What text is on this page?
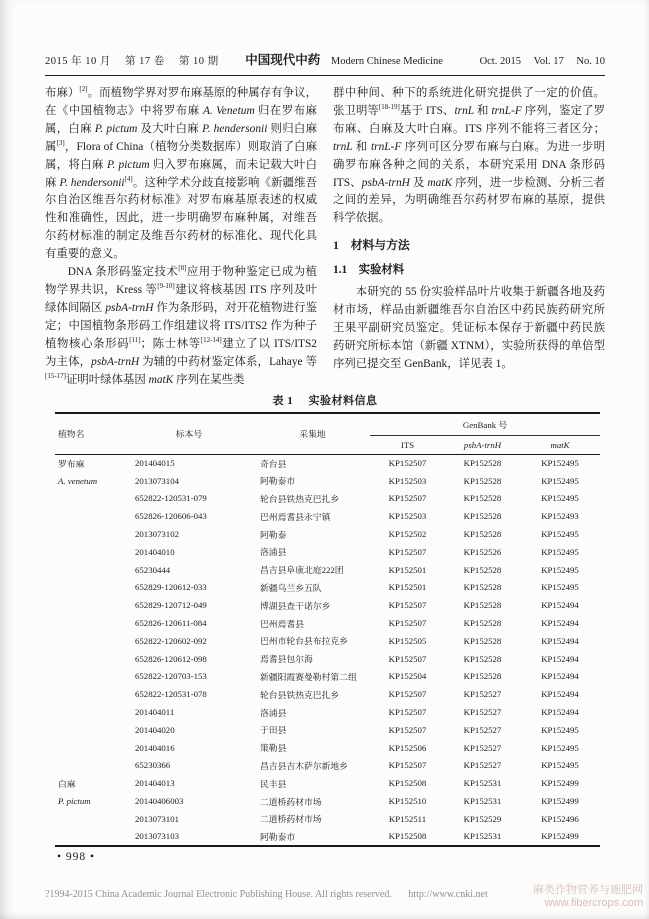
2015 年 10 月  第 17 卷  第 10 期 中国现代中药 Modern Chinese Medicine	Oct. 2015 Vol. 17 No. 10

布麻）[2]。而植物学界对罗布麻基原的种属存有争议，在《中国植物志》中将罗布麻 A. Venetum 归在罗布麻属，白麻 P. pictum 及大叶白麻 P. hendersonii 则归白麻属[3]，Flora of China（植物分类数据库）则取消了白麻属，将白麻 P. pictum 归入罗布麻属，而未记载大叶白麻 P. hendersonii[4]。这种学术分歧直接影响《新疆维吾尔自治区维吾尔药材标准》对罗布麻基原表述的权威性和准确性，因此，进一步明确罗布麻种属，对维吾尔药材标准的制定及维吾尔药材的标准化、现代化具有重要的意义。

DNA 条形码鉴定技术[8]应用于物种鉴定已成为植物学界共识，Kress 等[9-10]建议将核基因 ITS 序列及叶绿体间隔区 psbA-trnH 作为条形码，对开花植物进行鉴定；中国植物条形码工作组建议将 ITS/ITS2 作为种子植物核心条形码[11]；陈士林等[12-14]建立了以 ITS/ITS2 为主体，psbA-trnH 为辅的中药材鉴定体系，Lahaye 等[15-17]证明叶绿体基因 matK 序列在某些类

群中种间、种下的系统进化研究提供了一定的价值。张卫明等[18-19]基于 ITS、trnL 和 trnL-F 序列，鉴定了罗布麻、白麻及大叶白麻。ITS 序列不能将三者区分；trnL 和 trnL-F 序列可区分罗布麻与白麻。为进一步明确罗布麻各种之间的关系，本研究采用 DNA 条形码 ITS、psbA-trnH 及 matK 序列，进一步检测、分析三者之间的差异，为明确维吾尔药材罗布麻的基原，提供科学依据。

1　材料与方法
1.1　实验材料

本研究的 55 份实验样品叶片收集于新疆各地及药材市场，样品由新疆维吾尔自治区中药民族药研究所王果平副研究员鉴定。凭证标本保存于新疆中药民族药研究所标本馆（新疆 XTNM），实验所获得的单倍型序列已提交至 GenBank，详见表 1。

表 1 实验材料信息
植物名	标本号	采集地	GenBank 号		
			ITS	psbA-trnH	matK
罗布麻	201404015	奇台县	KP152507	KP152528	KP152495
A. venetum	2013073104	阿勒泰市	KP152503	KP152528	KP152495
	652822-120531-079	轮台县铁热克巴扎乡	KP152507	KP152528	KP152495
	652826-120606-043	巴州焉耆县永宁镇	KP152503	KP152528	KP152493
	2013073102	阿勒泰	KP152502	KP152528	KP152495
	201404010	洛浦县	KP152507	KP152526	KP152495
	65230444	昌吉县阜康北庭222团	KP152501	KP152528	KP152495
	652829-120612-033	新疆乌兰乡五队	KP152501	KP152528	KP152495
	652829-120712-049	博湖县查干诺尔乡	KP152507	KP152528	KP152494
	652826-120611-084	巴州焉耆县	KP152507	KP152528	KP152494
	652822-120602-092	巴州市轮台县布拉克乡	KP152505	KP152528	KP152494
	652826-120612-098	焉耆县包尔海	KP152507	KP152528	KP152494
	652822-120703-153	新疆阳霞赛曼勒村第二组	KP152504	KP152528	KP152494
	652822-120531-078	轮台县铁热克巴扎乡	KP152507	KP152527	KP152494
	201404011	洛浦县	KP152507	KP152527	KP152494
	201404020	于田县	KP152507	KP152527	KP152495
	201404016	策勒县	KP152506	KP152527	KP152495
	65230366	昌吉县吉木萨尔新地乡	KP152507	KP152527	KP152495
白麻	201404013	民丰县	KP152508	KP152531	KP152499
P. pictum	20140406003	二道桥药材市场	KP152510	KP152531	KP152499
	2013073101	二道桥药材市场	KP152511	KP152529	KP152496
	2013073103	阿勒泰市	KP152508	KP152531	KP152499
• 998 •
?1994-2015 China Academic Journal Electronic Publishing House. All rights reserved. http://www.cnki.net	麻类作物营养与施肥网
www.fibercrops.com
